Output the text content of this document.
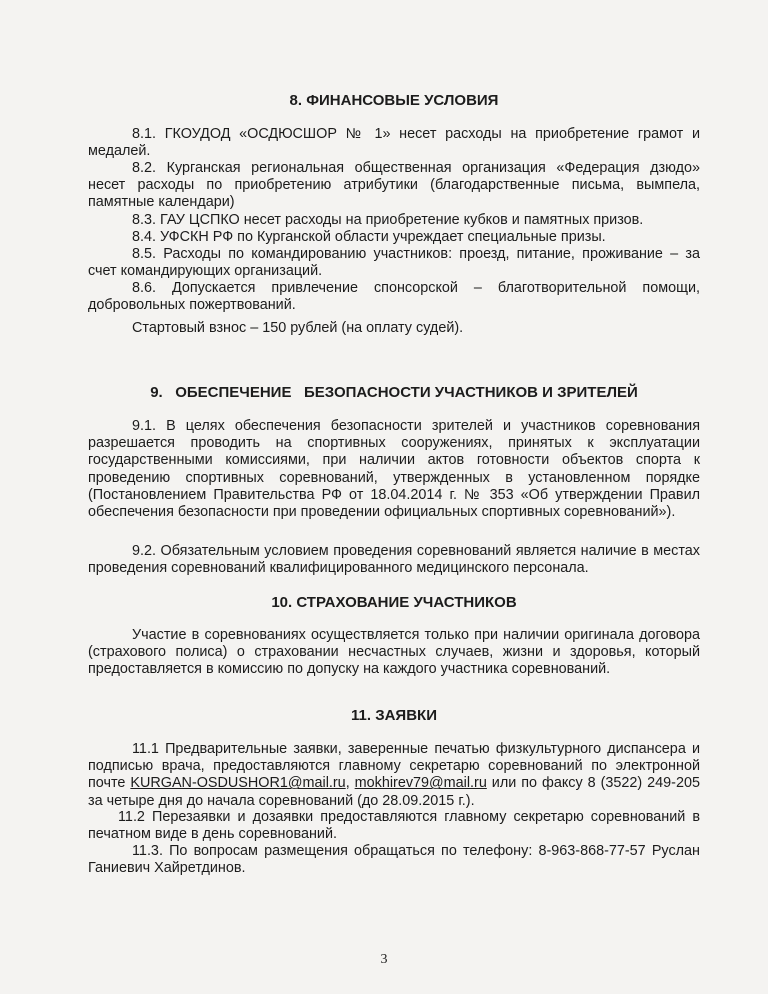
8. ФИНАНСОВЫЕ УСЛОВИЯ

8.1. ГКОУДОД «ОСДЮСШОР № 1» несет расходы на приобретение грамот и медалей.

8.2. Курганская региональная общественная организация «Федерация дзюдо» несет расходы по приобретению атрибутики (благодарственные письма, вымпела, памятные календари)

8.3. ГАУ ЦСПКО несет расходы на приобретение кубков и памятных призов.

8.4. УФСКН РФ по Курганской области учреждает специальные призы.

8.5. Расходы по командированию участников: проезд, питание, проживание – за счет командирующих организаций.

8.6. Допускается привлечение спонсорской – благотворительной помощи, добровольных пожертвований.

Стартовый взнос – 150 рублей (на оплату судей).

9.   ОБЕСПЕЧЕНИЕ   БЕЗОПАСНОСТИ УЧАСТНИКОВ И ЗРИТЕЛЕЙ

9.1. В целях обеспечения безопасности зрителей и участников соревнования разрешается проводить на спортивных сооружениях, принятых к эксплуатации государственными комиссиями, при наличии актов готовности объектов спорта к проведению спортивных соревнований, утвержденных в установленном порядке (Постановлением Правительства РФ от 18.04.2014 г. № 353 «Об утверждении Правил обеспечения безопасности при проведении официальных спортивных соревнований»).

9.2. Обязательным условием проведения соревнований является наличие в местах проведения соревнований квалифицированного медицинского персонала.

10. СТРАХОВАНИЕ УЧАСТНИКОВ

Участие в соревнованиях осуществляется только при наличии оригинала договора (страхового полиса) о страховании несчастных случаев, жизни и здоровья, который предоставляется в комиссию по допуску на каждого участника соревнований.

11. ЗАЯВКИ

11.1 Предварительные заявки, заверенные печатью физкультурного диспансера и подписью врача, предоставляются главному секретарю соревнований по электронной почте KURGAN-OSDUSHOR1@mail.ru, mokhirev79@mail.ru или по факсу 8 (3522) 249-205 за четыре дня до начала соревнований (до 28.09.2015 г.).

11.2 Перезаявки и дозаявки предоставляются главному секретарю соревнований в печатном виде в день соревнований.

11.3. По вопросам размещения обращаться по телефону: 8-963-868-77-57 Руслан Ганиевич Хайретдинов.

3
